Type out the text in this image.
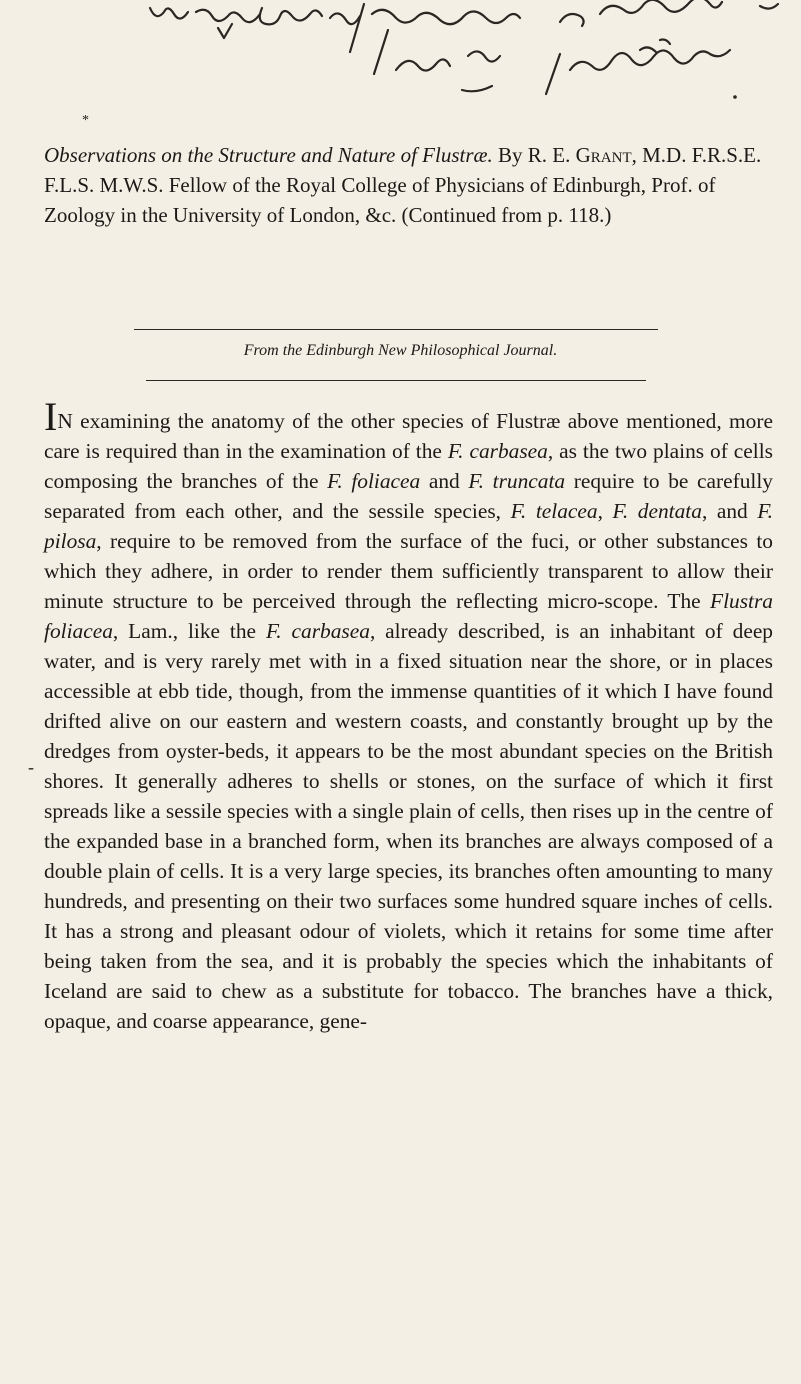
*
Observations on the Structure and Nature of Flustræ. By R. E. Grant, M.D. F.R.S.E. F.L.S. M.W.S. Fellow of the Royal College of Physicians of Edinburgh, Prof. of Zoology in the University of London, &c. (Continued from p. 118.)
From the Edinburgh New Philosophical Journal.
-
IN examining the anatomy of the other species of Flustræ above mentioned, more care is required than in the examination of the F. carbasea, as the two plains of cells composing the branches of the F. foliacea and F. truncata require to be carefully separated from each other, and the sessile species, F. telacea, F. dentata, and F. pilosa, require to be removed from the surface of the fuci, or other substances to which they adhere, in order to render them sufficiently transparent to allow their minute structure to be perceived through the reflecting micro-scope. The Flustra foliacea, Lam., like the F. carbasea, already described, is an inhabitant of deep water, and is very rarely met with in a fixed situation near the shore, or in places accessible at ebb tide, though, from the immense quantities of it which I have found drifted alive on our eastern and western coasts, and constantly brought up by the dredges from oyster-beds, it appears to be the most abundant species on the British shores. It generally adheres to shells or stones, on the surface of which it first spreads like a sessile species with a single plain of cells, then rises up in the centre of the expanded base in a branched form, when its branches are always composed of a double plain of cells. It is a very large species, its branches often amounting to many hundreds, and presenting on their two surfaces some hundred square inches of cells. It has a strong and pleasant odour of violets, which it retains for some time after being taken from the sea, and it is probably the species which the inhabitants of Iceland are said to chew as a substitute for tobacco. The branches have a thick, opaque, and coarse appearance, gene-
